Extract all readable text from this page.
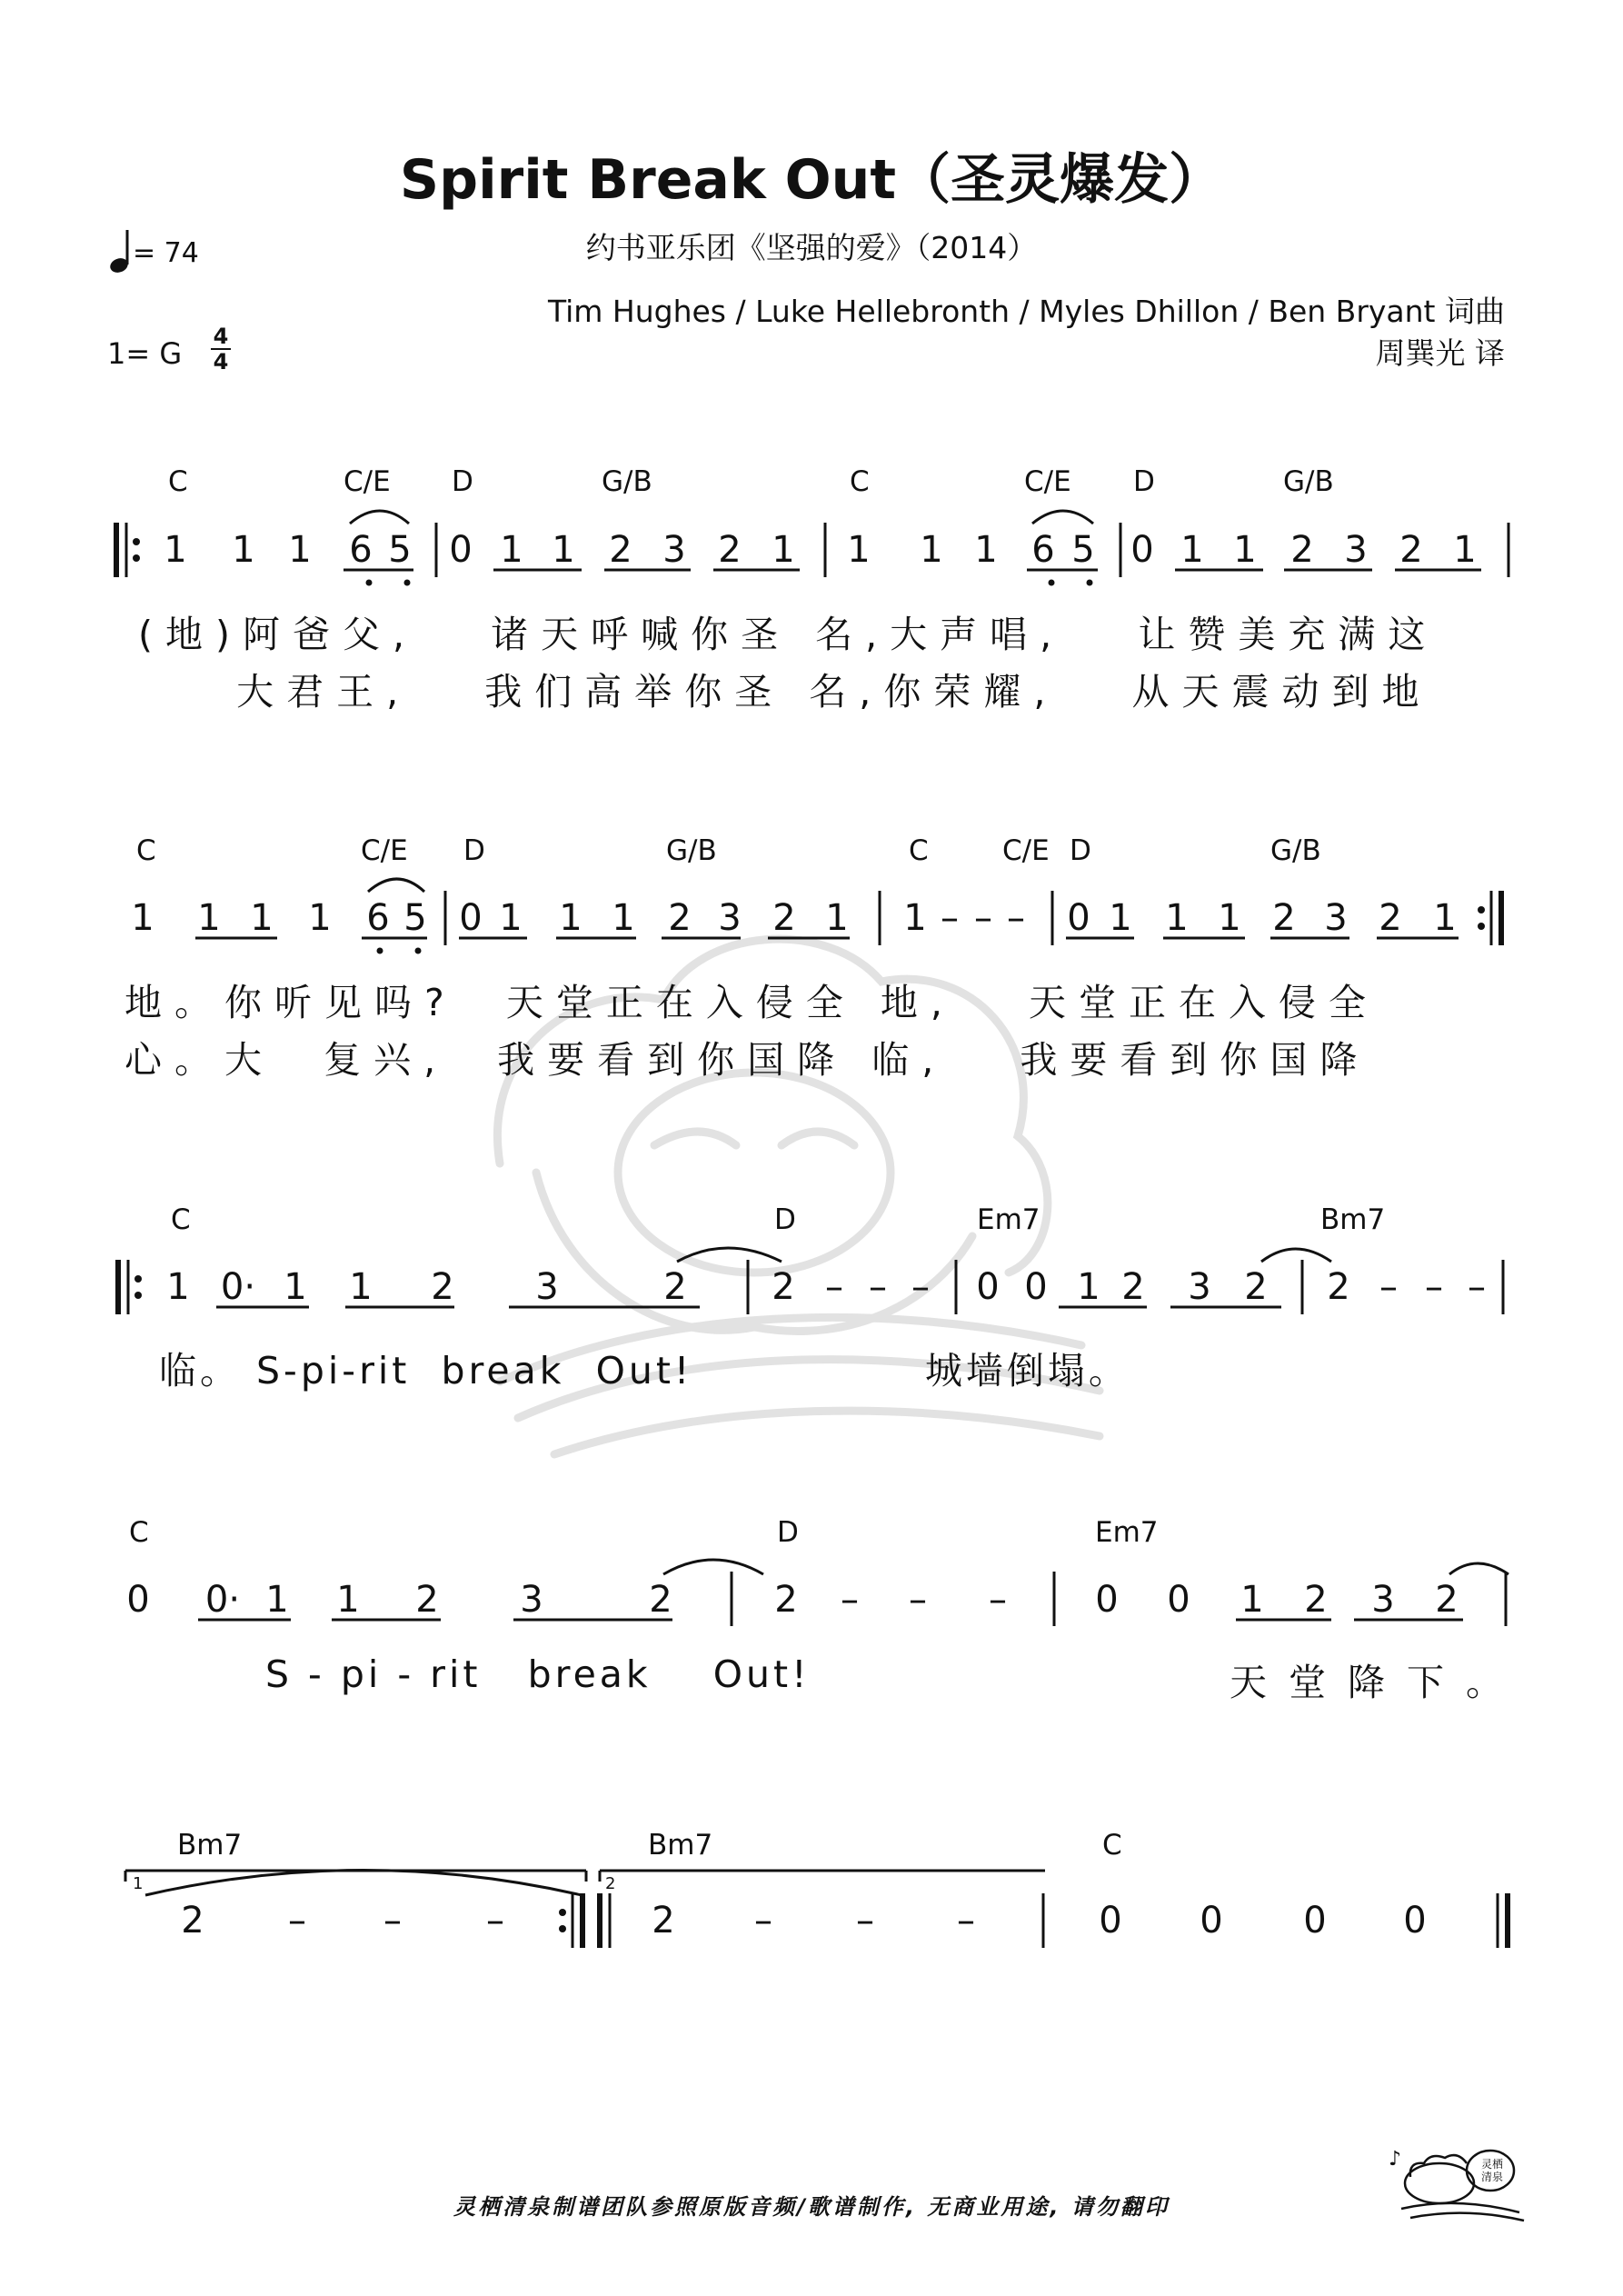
Spirit Break Out（圣灵爆发）
约书亚乐团《坚强的爱》（2014）
Tim Hughes / Luke Hellebronth / Myles Dhillon / Ben Bryant 词曲
周巽光 译
= 74
1= G 4
4
C	C/E D	G/B	C	C/E D	G/B
1 1 1 6 5 0 1 1 2 3 2 1 1 1 1 6 5 0 1 1 2 3 2 1
(地)阿爸父,   诸天呼喊你圣 名,大声唱,   让赞美充满这
大君王,   我们高举你圣 名,你荣耀,   从天震动到地
C	C/E D	G/B	C	C/E D	G/B
1 1 1 1 6 5 0 1 1 1 2 3 2 1 1 – – – 0 1 1 1 2 3 2 1
地。你听见吗?  天堂正在入侵全 地,   天堂正在入侵全
心。大  复兴,  我要看到你国降 临,   我要看到你国降
C	D	Em7	Bm7
1 0· 1 1 2 3	2 2 – – – 0 0 1 2 3 2 2 – – –
临。 S-pi-rit  break  Out!               城墙倒塌。
C	D	Em7
0 0· 1 1 2 3	2	2 – – – 0 0 1 2 3 2
S - pi - rit   break    Out!	天堂降下。
1	2
Bm7	Bm7	C
2 – – –	2 – – –	0 0 0 0
灵栖清泉制谱团队参照原版音频/歌谱制作, 无商业用途, 请勿翻印
♪	灵栖清泉
